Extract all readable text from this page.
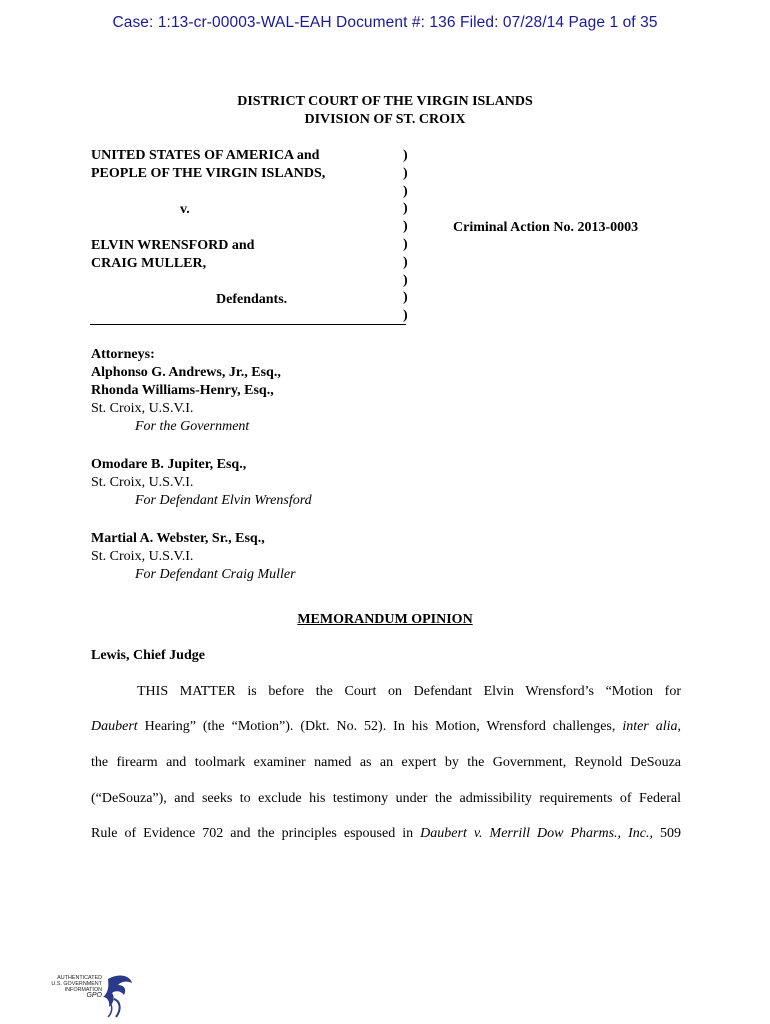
Case: 1:13-cr-00003-WAL-EAH Document #: 136 Filed: 07/28/14 Page 1 of 35
DISTRICT COURT OF THE VIRGIN ISLANDS
DIVISION OF ST. CROIX
UNITED STATES OF AMERICA and
PEOPLE OF THE VIRGIN ISLANDS,
v.
ELVIN WRENSFORD and
CRAIG MULLER,
Defendants.
)
)
)
)
)
)
)
)
)
)
Criminal Action No. 2013-0003
Attorneys:
Alphonso G. Andrews, Jr., Esq.,
Rhonda Williams-Henry, Esq.,
St. Croix, U.S.V.I.
For the Government
Omodare B. Jupiter, Esq.,
St. Croix, U.S.V.I.
For Defendant Elvin Wrensford
Martial A. Webster, Sr., Esq.,
St. Croix, U.S.V.I.
For Defendant Craig Muller
MEMORANDUM OPINION
Lewis, Chief Judge
THIS MATTER is before the Court on Defendant Elvin Wrensford’s “Motion for
Daubert Hearing” (the “Motion”). (Dkt. No. 52). In his Motion, Wrensford challenges, inter alia,
the firearm and toolmark examiner named as an expert by the Government, Reynold DeSouza
(“DeSouza”), and seeks to exclude his testimony under the admissibility requirements of Federal
Rule of Evidence 702 and the principles espoused in Daubert v. Merrill Dow Pharms., Inc., 509
AUTHENTICATED
U.S. GOVERNMENT
INFORMATION
GPO
